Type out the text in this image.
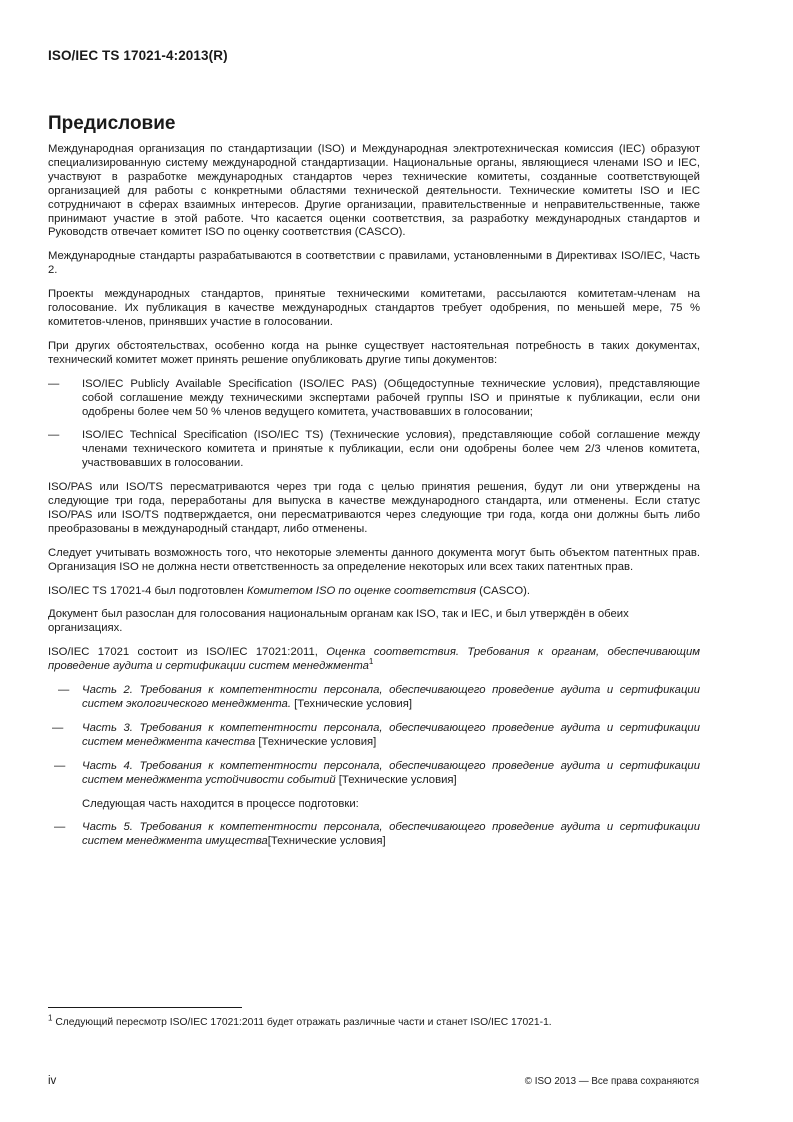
ISO/IEC TS 17021-4:2013(R)
Предисловие

Международная организация по стандартизации (ISO) и Международная электротехническая комиссия (IEC) образуют специализированную систему международной стандартизации. Национальные органы, являющиеся членами ISO и IEC, участвуют в разработке международных стандартов через технические комитеты, созданные соответствующей организацией для работы с конкретными областями технической деятельности. Технические комитеты ISO и IEC сотрудничают в сферах взаимных интересов. Другие организации, правительственные и неправительственные, также принимают участие в этой работе. Что касается оценки соответствия, за разработку международных стандартов и Руководств отвечает комитет ISO по оценку соответствия (CASCO).

Международные стандарты разрабатываются в соответствии с правилами, установленными в Директивах ISO/IEC, Часть 2.

Проекты международных стандартов, принятые техническими комитетами, рассылаются комитетам-членам на голосование. Их публикация в качестве международных стандартов требует одобрения, по меньшей мере, 75 % комитетов-членов, принявших участие в голосовании.

При других обстоятельствах, особенно когда на рынке существует настоятельная потребность в таких документах, технический комитет может принять решение опубликовать другие типы документов:

— ISO/IEC Publicly Available Specification (ISO/IEC PAS) (Общедоступные технические условия), представляющие собой соглашение между техническими экспертами рабочей группы ISO и принятые к публикации, если они одобрены более чем 50 % членов ведущего комитета, участвовавших в голосовании;
— ISO/IEC Technical Specification (ISO/IEC TS) (Технические условия), представляющие собой соглашение между членами технического комитета и принятые к публикации, если они одобрены более чем 2/3 членов комитета, участвовавших в голосовании.

ISO/PAS или ISO/TS пересматриваются через три года с целью принятия решения, будут ли они утверждены на следующие три года, переработаны для выпуска в качестве международного стандарта, или отменены. Если статус ISO/PAS или ISO/TS подтверждается, они пересматриваются через следующие три года, когда они должны быть либо преобразованы в международный стандарт, либо отменены.

Следует учитывать возможность того, что некоторые элементы данного документа могут быть объектом патентных прав. Организация ISO не должна нести ответственность за определение некоторых или всех таких патентных прав.

ISO/IEC TS 17021-4 был подготовлен Комитетом ISO по оценке соответствия (CASCO).

Документ был разослан для голосования национальным органам как ISO, так и IEC, и был утверждён в обеих организациях.

ISO/IEC 17021 состоит из ISO/IEC 17021:2011, Оценка соответствия. Требования к органам, обеспечивающим проведение аудита и сертификации систем менеджмента$^1$

— Часть 2. Требования к компетентности персонала, обеспечивающего проведение аудита и сертификации систем экологического менеджмента. [Технические условия]
— Часть 3. Требования к компетентности персонала, обеспечивающего проведение аудита и сертификации систем менеджмента качества [Технические условия]
— Часть 4. Требования к компетентности персонала, обеспечивающего проведение аудита и сертификации систем менеджмента устойчивости событий [Технические условия]
Следующая часть находится в процессе подготовки:
— Часть 5. Требования к компетентности персонала, обеспечивающего проведение аудита и сертификации систем менеджмента имущества[Технические условия]
$^1$ Следующий пересмотр ISO/IEC 17021:2011 будет отражать различные части и станет ISO/IEC 17021-1.
iv	© ISO 2013 — Все права сохраняются
